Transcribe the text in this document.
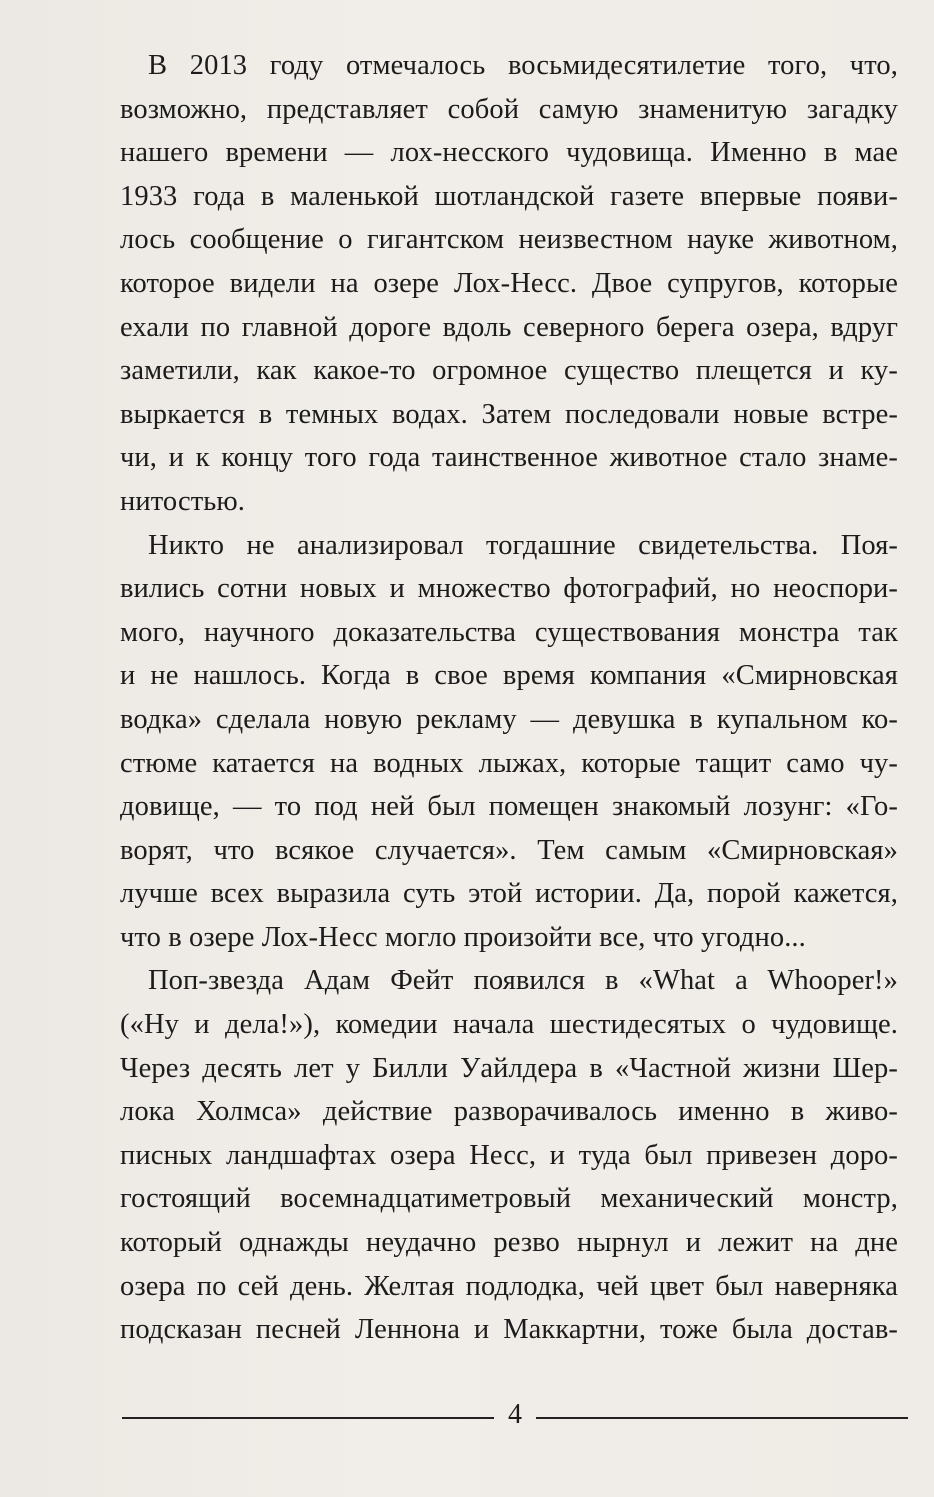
В 2013 году отмечалось восьмидесятилетие того, что,
возможно, представляет собой самую знаменитую загадку
нашего времени — лох-несского чудовища. Именно в мае
1933 года в маленькой шотландской газете впервые появи-
лось сообщение о гигантском неизвестном науке животном,
которое видели на озере Лох-Несс. Двое супругов, которые
ехали по главной дороге вдоль северного берега озера, вдруг
заметили, как какое-то огромное существо плещется и ку-
выркается в темных водах. Затем последовали новые встре-
чи, и к концу того года таинственное животное стало знаме-
нитостью.
Никто не анализировал тогдашние свидетельства. Поя-
вились сотни новых и множество фотографий, но неоспори-
мого, научного доказательства существования монстра так
и не нашлось. Когда в свое время компания «Смирновская
водка» сделала новую рекламу — девушка в купальном ко-
стюме катается на водных лыжах, которые тащит само чу-
довище, — то под ней был помещен знакомый лозунг: «Го-
ворят, что всякое случается». Тем самым «Смирновская»
лучше всех выразила суть этой истории. Да, порой кажется,
что в озере Лох-Несс могло произойти все, что угодно...
Поп-звезда Адам Фейт появился в «What a Whooper!»
(«Ну и дела!»), комедии начала шестидесятых о чудовище.
Через десять лет у Билли Уайлдера в «Частной жизни Шер-
лока Холмса» действие разворачивалось именно в живо-
писных ландшафтах озера Несс, и туда был привезен доро-
гостоящий восемнадцатиметровый механический монстр,
который однажды неудачно резво нырнул и лежит на дне
озера по сей день. Желтая подлодка, чей цвет был наверняка
подсказан песней Леннона и Маккартни, тоже была достав-
4
